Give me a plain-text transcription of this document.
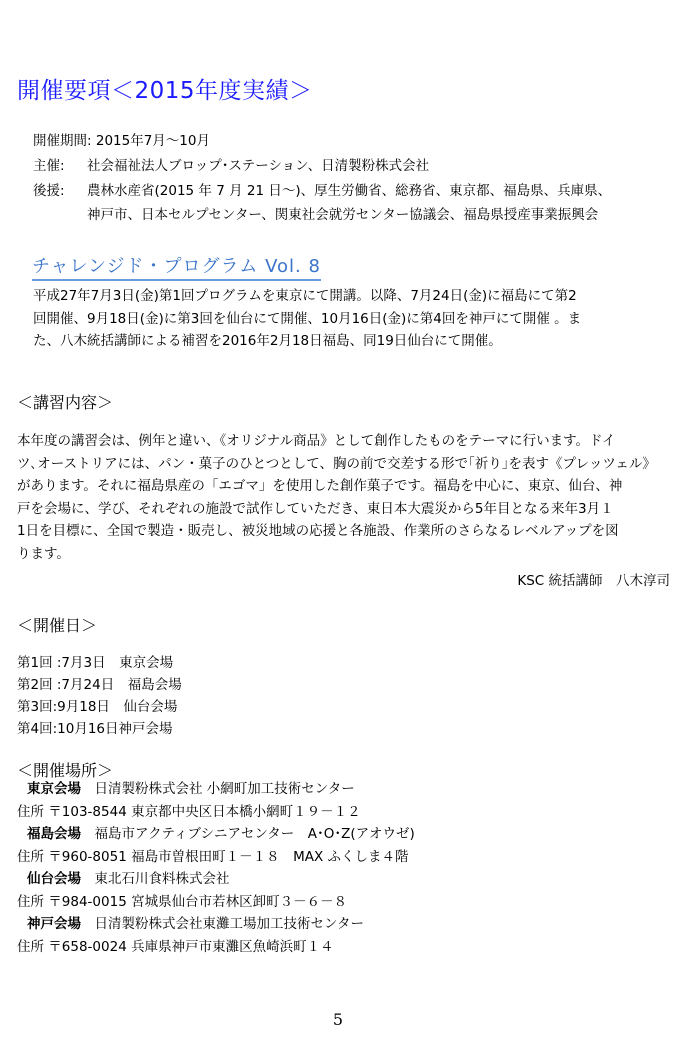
開催要項＜2015年度実績＞
開催期間: 2015年7月～10月
主催: 社会福祉法人ブロップ･ステーション、日清製粉株式会社
後援: 農林水産省(2015 年 7 月 21 日～)、厚生労働省、総務省、東京都、福島県、兵庫県、
神戸市、日本セルプセンター、関東社会就労センター協議会、福島県授産事業振興会
チャレンジド・プログラム Vol. 8
平成27年7月3日(金)第1回プログラムを東京にて開講。以降、7月24日(金)に福島にて第2
回開催、9月18日(金)に第3回を仙台にて開催、10月16日(金)に第4回を神戸にて開催 。ま
た、八木統括講師による補習を2016年2月18日福島、同19日仙台にて開催。
＜講習内容＞
本年度の講習会は、例年と違い、《オリジナル商品》として創作したものをテーマに行います。ドイ
ツ､オーストリアには、パン・菓子のひとつとして、胸の前で交差する形で｢祈り｣を表す《プレッツェル》
があります。それに福島県産の「エゴマ」を使用した創作菓子です。福島を中心に、東京、仙台、神
戸を会場に、学び、それぞれの施設で試作していただき、東日本大震災から5年目となる来年3月１
1日を目標に、全国で製造・販売し、被災地域の応援と各施設、作業所のさらなるレベルアップを図
ります。
KSC 統括講師　八木淳司
＜開催日＞
第1回 :7月3日　東京会場
第2回 :7月24日　福島会場
第3回:9月18日　仙台会場
第4回:10月16日神戸会場
＜開催場所＞
東京会場　 日清製粉株式会社 小網町加工技術センター
住所 〒103-8544 東京都中央区日本橋小網町１９－１２
福島会場　 福島市アクティブシニアセンター　A･O･Z(アオウゼ)
住所 〒960-8051 福島市曽根田町１－１８　MAX ふくしま４階
仙台会場　 東北石川食料株式会社
住所 〒984-0015 宮城県仙台市若林区卸町３－６－８
神戸会場　 日清製粉株式会社東灘工場加工技術センター
住所 〒658-0024 兵庫県神戸市東灘区魚崎浜町１４
5
